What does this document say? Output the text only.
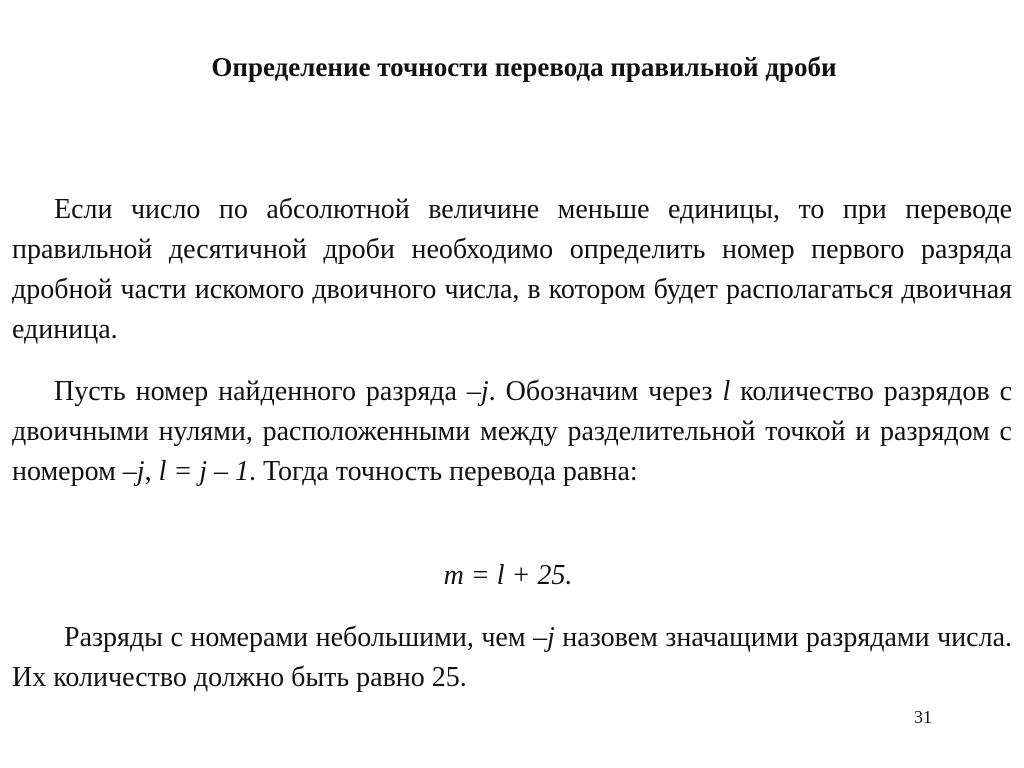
Определение точности перевода правильной дроби

Если число по абсолютной величине меньше единицы, то при переводе правильной десятичной дроби необходимо определить номер первого разряда дробной части искомого двоичного числа, в котором будет располагаться двоичная единица.

Пусть номер найденного разряда –j. Обозначим через l количество разрядов с двоичными нулями, расположенными между разделительной точкой и разрядом с номером –j, l = j – 1. Тогда точность перевода равна:

m = l + 25.

Разряды с номерами небольшими, чем –j назовем значащими разрядами числа. Их количество должно быть равно 25.

31
